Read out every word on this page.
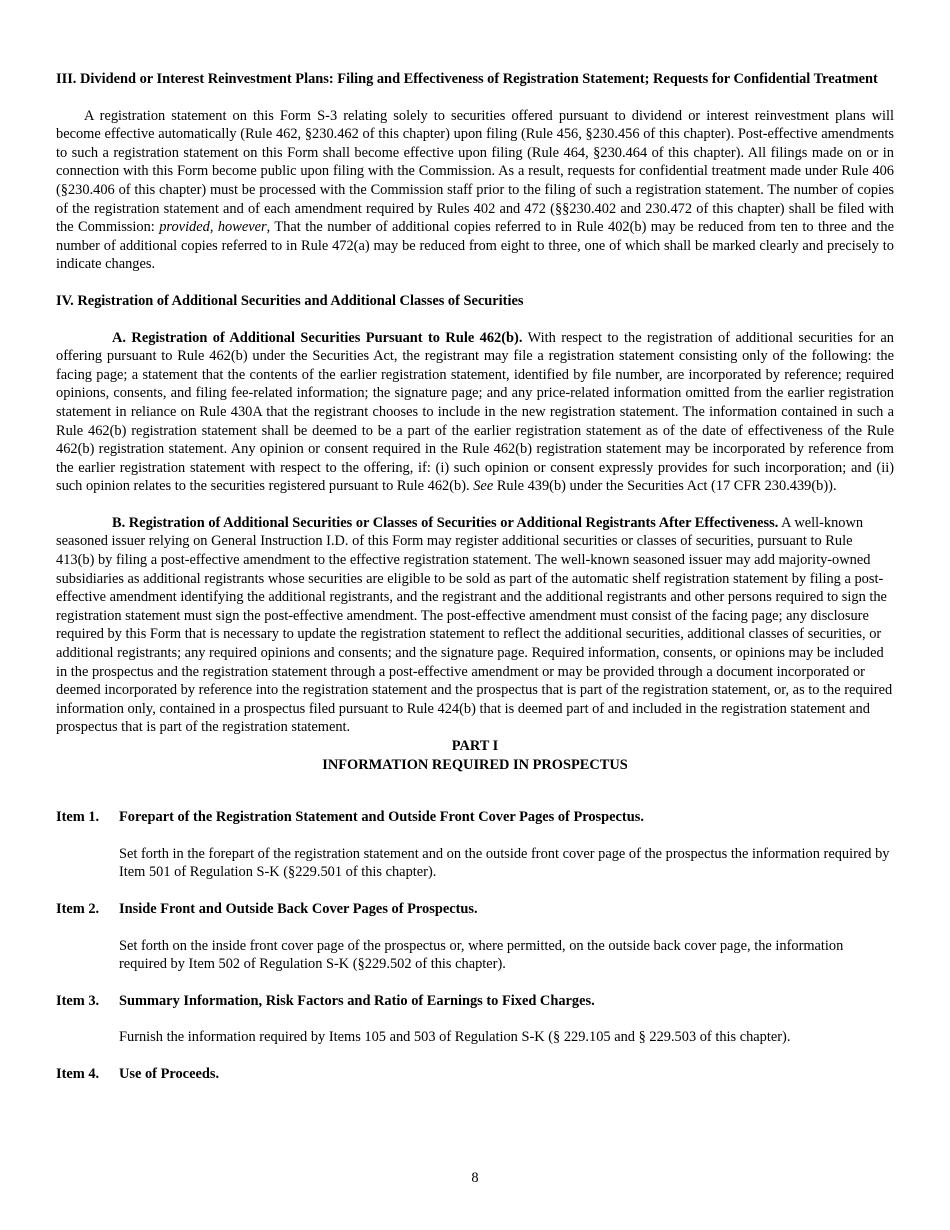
III. Dividend or Interest Reinvestment Plans: Filing and Effectiveness of Registration Statement; Requests for Confidential Treatment

A registration statement on this Form S-3 relating solely to securities offered pursuant to dividend or interest reinvestment plans will become effective automatically (Rule 462, §230.462 of this chapter) upon filing (Rule 456, §230.456 of this chapter). Post-effective amendments to such a registration statement on this Form shall become effective upon filing (Rule 464, §230.464 of this chapter). All filings made on or in connection with this Form become public upon filing with the Commission. As a result, requests for confidential treatment made under Rule 406 (§230.406 of this chapter) must be processed with the Commission staff prior to the filing of such a registration statement. The number of copies of the registration statement and of each amendment required by Rules 402 and 472 (§§230.402 and 230.472 of this chapter) shall be filed with the Commission: provided, however, That the number of additional copies referred to in Rule 402(b) may be reduced from ten to three and the number of additional copies referred to in Rule 472(a) may be reduced from eight to three, one of which shall be marked clearly and precisely to indicate changes.

IV. Registration of Additional Securities and Additional Classes of Securities

A. Registration of Additional Securities Pursuant to Rule 462(b). With respect to the registration of additional securities for an offering pursuant to Rule 462(b) under the Securities Act, the registrant may file a registration statement consisting only of the following: the facing page; a statement that the contents of the earlier registration statement, identified by file number, are incorporated by reference; required opinions, consents, and filing fee-related information; the signature page; and any price-related information omitted from the earlier registration statement in reliance on Rule 430A that the registrant chooses to include in the new registration statement. The information contained in such a Rule 462(b) registration statement shall be deemed to be a part of the earlier registration statement as of the date of effectiveness of the Rule 462(b) registration statement. Any opinion or consent required in the Rule 462(b) registration statement may be incorporated by reference from the earlier registration statement with respect to the offering, if: (i) such opinion or consent expressly provides for such incorporation; and (ii) such opinion relates to the securities registered pursuant to Rule 462(b). See Rule 439(b) under the Securities Act (17 CFR 230.439(b)).

B. Registration of Additional Securities or Classes of Securities or Additional Registrants After Effectiveness. A well-known seasoned issuer relying on General Instruction I.D. of this Form may register additional securities or classes of securities, pursuant to Rule 413(b) by filing a post-effective amendment to the effective registration statement. The well-known seasoned issuer may add majority-owned subsidiaries as additional registrants whose securities are eligible to be sold as part of the automatic shelf registration statement by filing a post-effective amendment identifying the additional registrants, and the registrant and the additional registrants and other persons required to sign the registration statement must sign the post-effective amendment. The post-effective amendment must consist of the facing page; any disclosure required by this Form that is necessary to update the registration statement to reflect the additional securities, additional classes of securities, or additional registrants; any required opinions and consents; and the signature page. Required information, consents, or opinions may be included in the prospectus and the registration statement through a post-effective amendment or may be provided through a document incorporated or deemed incorporated by reference into the registration statement and the prospectus that is part of the registration statement, or, as to the required information only, contained in a prospectus filed pursuant to Rule 424(b) that is deemed part of and included in the registration statement and prospectus that is part of the registration statement.

PART I
INFORMATION REQUIRED IN PROSPECTUS
Item 1.	Forepart of the Registration Statement and Outside Front Cover Pages of Prospectus.
Set forth in the forepart of the registration statement and on the outside front cover page of the prospectus the information required by Item 501 of Regulation S-K (§229.501 of this chapter).
Item 2.	Inside Front and Outside Back Cover Pages of Prospectus.
Set forth on the inside front cover page of the prospectus or, where permitted, on the outside back cover page, the information required by Item 502 of Regulation S-K (§229.502 of this chapter).
Item 3.	Summary Information, Risk Factors and Ratio of Earnings to Fixed Charges.
Furnish the information required by Items 105 and 503 of Regulation S-K (§ 229.105 and § 229.503 of this chapter).
Item 4.	Use of Proceeds.
8
